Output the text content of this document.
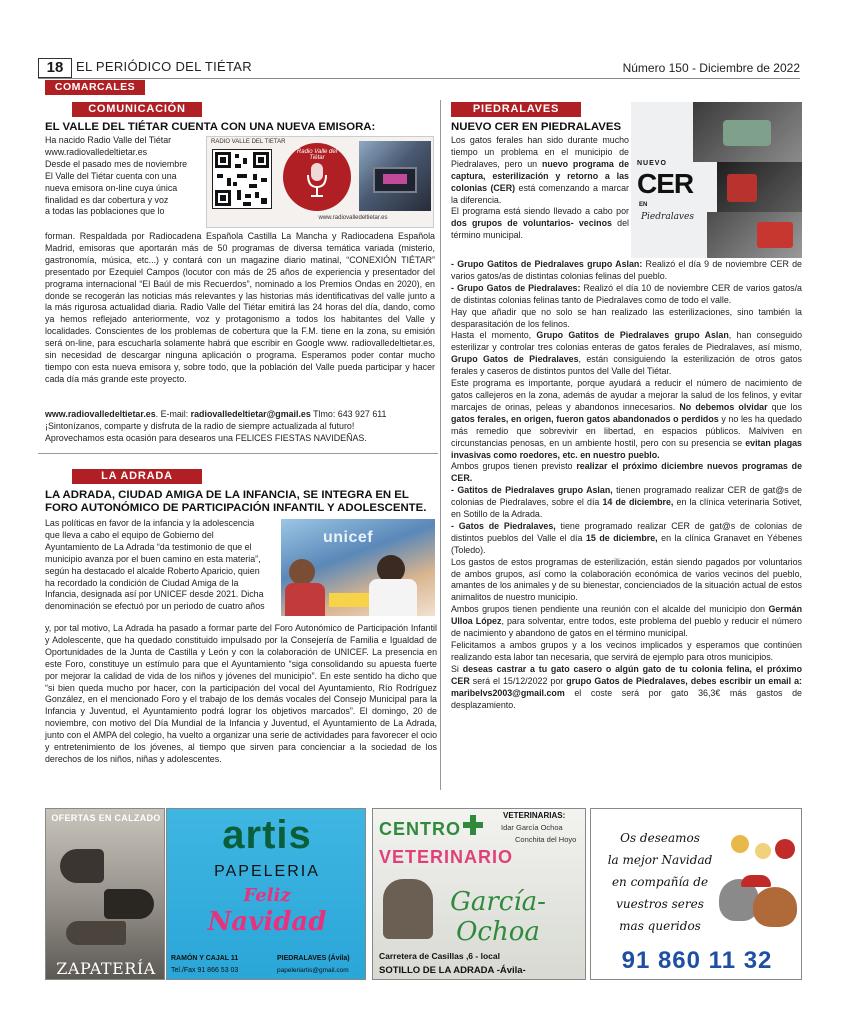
18 EL PERIÓDICO DEL TIÉTAR	Número 150 - Diciembre de 2022
COMARCALES
COMUNICACIÓN
EL VALLE DEL TIÉTAR CUENTA CON UNA NUEVA EMISORA:
Ha nacido Radio Valle del Tiétar
www.radiovalledeltietar.es
Desde el pasado mes de noviembre
El Valle del Tiétar cuenta con una
nueva emisora on-line cuya única
finalidad es dar cobertura y voz
a todas las poblaciones que lo
RADIO VALLE DEL TIETAR
Radio Valle del Tiétar
www.radiovalledeltietar.es
forman. Respaldada por Radiocadena Española Castilla La Mancha y Radiocadena Española Madrid, emisoras que aportarán más de 50 programas de diversa temática variada (misterio, gastronomía, música, etc...) y contará con un magazine diario matinal, “CONEXIÓN TIÉTAR” presentado por Ezequiel Campos (locutor con más de 25 años de experiencia y presentador del programa internacional “El Baúl de mis Recuerdos”, nominado a los Premios Ondas en 2020), en donde se recogerán las noticias más relevantes y las historias más identificativas del valle junto a la más rigurosa actualidad diaria. Radio Valle del Tiétar emitirá las 24 horas del día, dando, como ya hemos reflejado anteriormente, voz y protagonismo a todos los habitantes del Valle y localidades. Conscientes de los problemas de cobertura que la F.M. tiene en la zona, su emisión será on-line, para escucharla solamente habrá que escribir en Google www. radiovalledeltietar.es, sin necesidad de descargar ninguna aplicación o programa. Esperamos poder contar mucho tiempo con esta nueva emisora y, sobre todo, que la población del Valle pueda participar y hacer cada día más grande este proyecto.
www.radiovalledeltietar.es. E-mail: radiovalledeltietar@gmail.es Tlmo: 643 927 611
¡Sintonízanos, comparte y disfruta de la radio de siempre actualizada al futuro!
Aprovechamos esta ocasión para desearos una FELICES FIESTAS NAVIDEÑAS.
LA ADRADA
LA ADRADA, CIUDAD AMIGA DE LA INFANCIA, SE INTEGRA EN EL FORO AUTONÓMICO DE PARTICIPACIÓN INFANTIL Y ADOLESCENTE.
Las políticas en favor de la infancia y la adolescencia
que lleva a cabo el equipo de Gobierno del
Ayuntamiento de La Adrada “da testimonio de que el
municipio avanza por el buen camino en esta materia”,
según ha destacado el alcalde Roberto Aparicio, quien
ha recordado la condición de Ciudad Amiga de la
Infancia, designada así por UNICEF desde 2021. Dicha
denominación se efectuó por un periodo de cuatro años
unicef
y, por tal motivo, La Adrada ha pasado a formar parte del Foro Autonómico de Participación Infantil y Adolescente, que ha quedado constituido impulsado por la Consejería de Familia e Igualdad de Oportunidades de la Junta de Castilla y León y con la colaboración de UNICEF. La presencia en este Foro, constituye un estímulo para que el Ayuntamiento “siga consolidando su apuesta fuerte por mejorar la calidad de vida de los niños y jóvenes del municipio”. En este sentido ha dicho que “si bien queda mucho por hacer, con la participación del vocal del Ayuntamiento, Río Rodríguez González, en el mencionado Foro y el trabajo de los demás vocales del Consejo Municipal para la Infancia y Juventud, el Ayuntamiento podrá lograr los objetivos marcados”. El domingo, 20 de noviembre, con motivo del Día Mundial de la Infancia y Juventud, el Ayuntamiento de La Adrada, junto con el AMPA del colegio, ha vuelto a organizar una serie de actividades para favorecer el ocio y entretenimiento de los jóvenes, al tiempo que sirven para concienciar a la sociedad de los derechos de los niños, niñas y adolescentes.
PIEDRALAVES
NUEVO CER EN PIEDRALAVES
NUEVO
CER
EN
Piedralaves
Los gatos ferales han sido durante mucho tiempo un problema en el municipio de Piedralaves, pero un nuevo programa de captura, esterilización y retorno a las colonias (CER) está comenzando a marcar la diferencia.
El programa está siendo llevado a cabo por dos grupos de voluntarios- vecinos del término municipal.
- Grupo Gatitos de Piedralaves grupo Aslan: Realizó el día 9 de noviembre CER de varios gatos/as de distintas colonias felinas del pueblo.
- Grupo Gatos de Piedralaves: Realizó el día 10 de noviembre CER de varios gatos/a de distintas colonias felinas tanto de Piedralaves como de todo el valle.
Hay que añadir que no solo se han realizado las esterilizaciones, sino también la desparasitación de los felinos.
Hasta el momento, Grupo Gatitos de Piedralaves grupo Aslan, han conseguido esterilizar y controlar tres colonias enteras de gatos ferales de Piedralaves, así mismo, Grupo Gatos de Piedralaves, están consiguiendo la esterilización de otros gatos ferales y caseros de distintos puntos del Valle del Tiétar.
Este programa es importante, porque ayudará a reducir el número de nacimiento de gatos callejeros en la zona, además de ayudar a mejorar la salud de los felinos, y evitar marcajes de orinas, peleas y abandonos innecesarios. No debemos olvidar que los gatos ferales, en origen, fueron gatos abandonados o perdidos y no les ha quedado más remedio que sobrevivir en libertad, en espacios públicos. Malviven en circunstancias penosas, en un ambiente hostil, pero con su presencia se evitan plagas invasivas como roedores, etc. en nuestro pueblo.
Ambos grupos tienen previsto realizar el próximo diciembre nuevos programas de CER.
- Gatitos de Piedralaves grupo Aslan, tienen programado realizar CER de gat@s de colonias de Piedralaves, sobre el día 14 de diciembre, en la clínica veterinaria Sotivet, en Sotillo de la Adrada.
- Gatos de Piedralaves, tiene programado realizar CER de gat@s de colonias de distintos pueblos del Valle el día 15 de diciembre, en la clínica Granavet en Yébenes (Toledo).
Los gastos de estos programas de esterilización, están siendo pagados por voluntarios de ambos grupos, así como la colaboración económica de varios vecinos del pueblo, amantes de los animales y de su bienestar, concienciados de la situación actual de estos animalitos de nuestro municipio.
Ambos grupos tienen pendiente una reunión con el alcalde del municipio don Germán Ulloa López, para solventar, entre todos, este problema del pueblo y reducir el número de nacimiento y abandono de gatos en el término municipal.
Felicitamos a ambos grupos y a los vecinos implicados y esperamos que continúen realizando esta labor tan necesaria, que servirá de ejemplo para otros municipios.
Si deseas castrar a tu gato casero o algún gato de tu colonia felina, el próximo CER será el 15/12/2022 por grupo Gatos de Piedralaves, debes escribir un email a: maribelvs2003@gmail.com el coste será por gato 36,3€ más gastos de desplazamiento.
OFERTAS EN CALZADO
ZAPATERÍA
artis
PAPELERIA
Feliz
Navidad
RAMÓN Y CAJAL 11	PIEDRALAVES (Ávila)
Tel./Fax 91 866 53 03	papeleriartis@gmail.com
CENTRO
VETERINARIO
VETERINARIAS:
Idar García Ochoa
Conchita del Hoyo
García-Ochoa
Carretera de Casillas ,6 - local
SOTILLO DE LA ADRADA -Ávila-
Os deseamos
la mejor Navidad
en compañía de
vuestros seres
mas queridos
91 860 11 32
